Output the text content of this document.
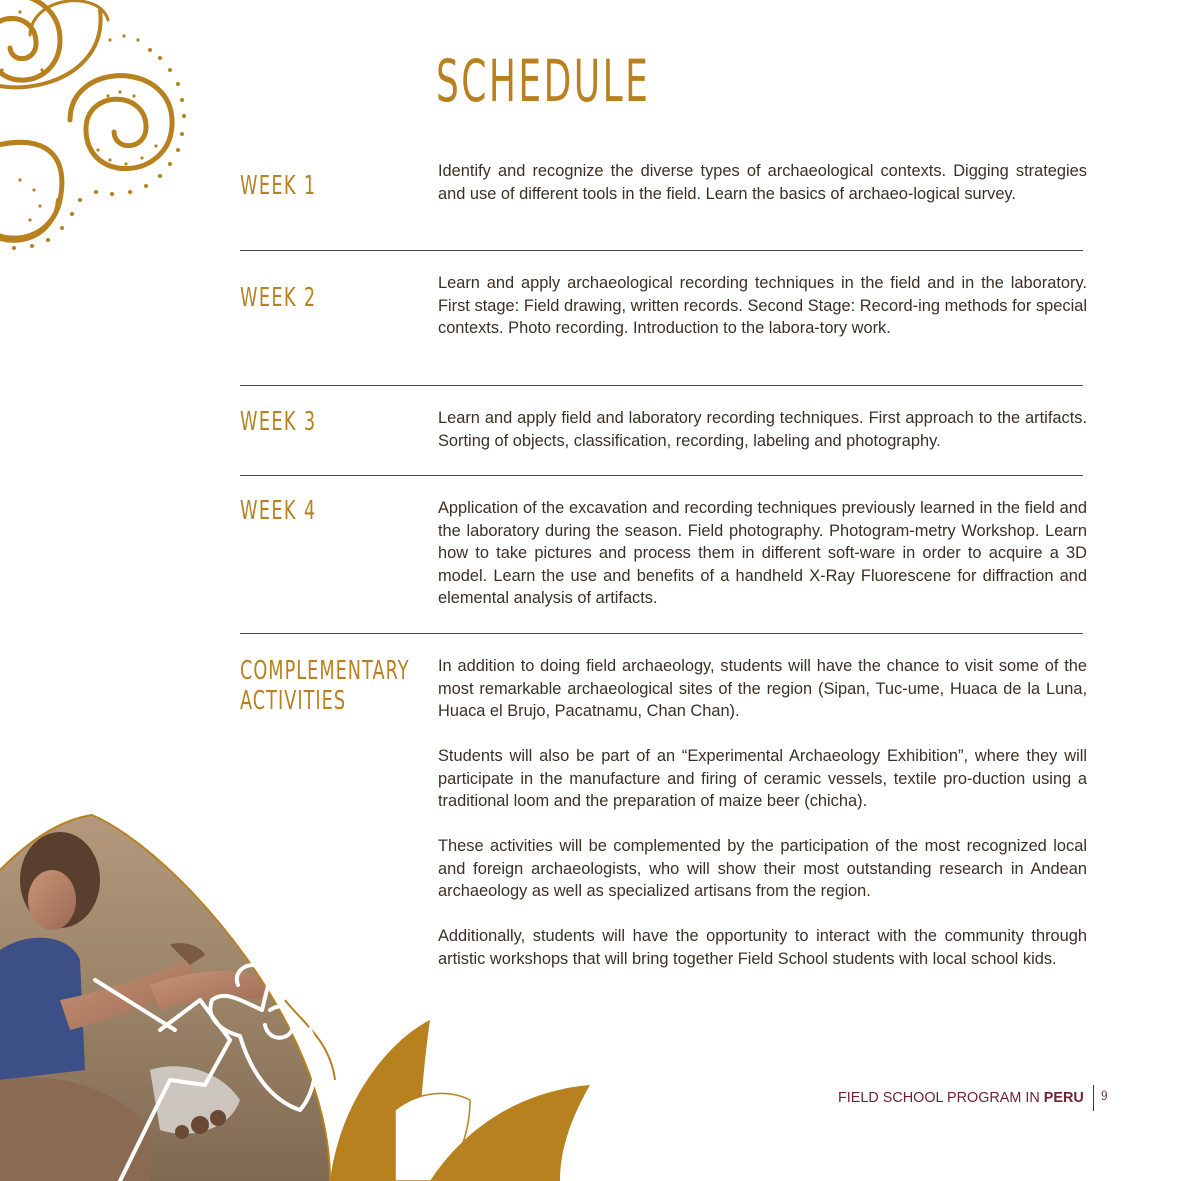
SCHEDULE
WEEK 1	Identify and recognize the diverse types of archaeological contexts. Digging strategies and use of different tools in the field. Learn the basics of archaeo-logical survey.

WEEK 2	Learn and apply archaeological recording techniques in the field and in the laboratory. First stage: Field drawing, written records. Second Stage: Record-ing methods for special contexts. Photo recording. Introduction to the labora-tory work.

WEEK 3	Learn and apply field and laboratory recording techniques. First approach to the artifacts. Sorting of objects, classification, recording, labeling and photography.

WEEK 4	Application of the excavation and recording techniques previously learned in the field and the laboratory during the season. Field photography. Photogram-metry Workshop. Learn how to take pictures and process them in different soft-ware in order to acquire a 3D model. Learn the use and benefits of a handheld X-Ray Fluorescene for diffraction and elemental analysis of artifacts.

COMPLEMENTARY
ACTIVITIES

In addition to doing field archaeology, students will have the chance to visit some of the most remarkable archaeological sites of the region (Sipan, Tuc-ume, Huaca de la Luna, Huaca el Brujo, Pacatnamu, Chan Chan).

Students will also be part of an “Experimental Archaeology Exhibition”, where they will participate in the manufacture and firing of ceramic vessels, textile pro-duction using a traditional loom and the preparation of maize beer (chicha).

These activities will be complemented by the participation of the most recognized local and foreign archaeologists, who will show their most outstanding research in Andean archaeology as well as specialized artisans from the region.

Additionally, students will have the opportunity to interact with the community through artistic workshops that will bring together Field School students with local school kids.

FIELD SCHOOL PROGRAM IN PERU 9
